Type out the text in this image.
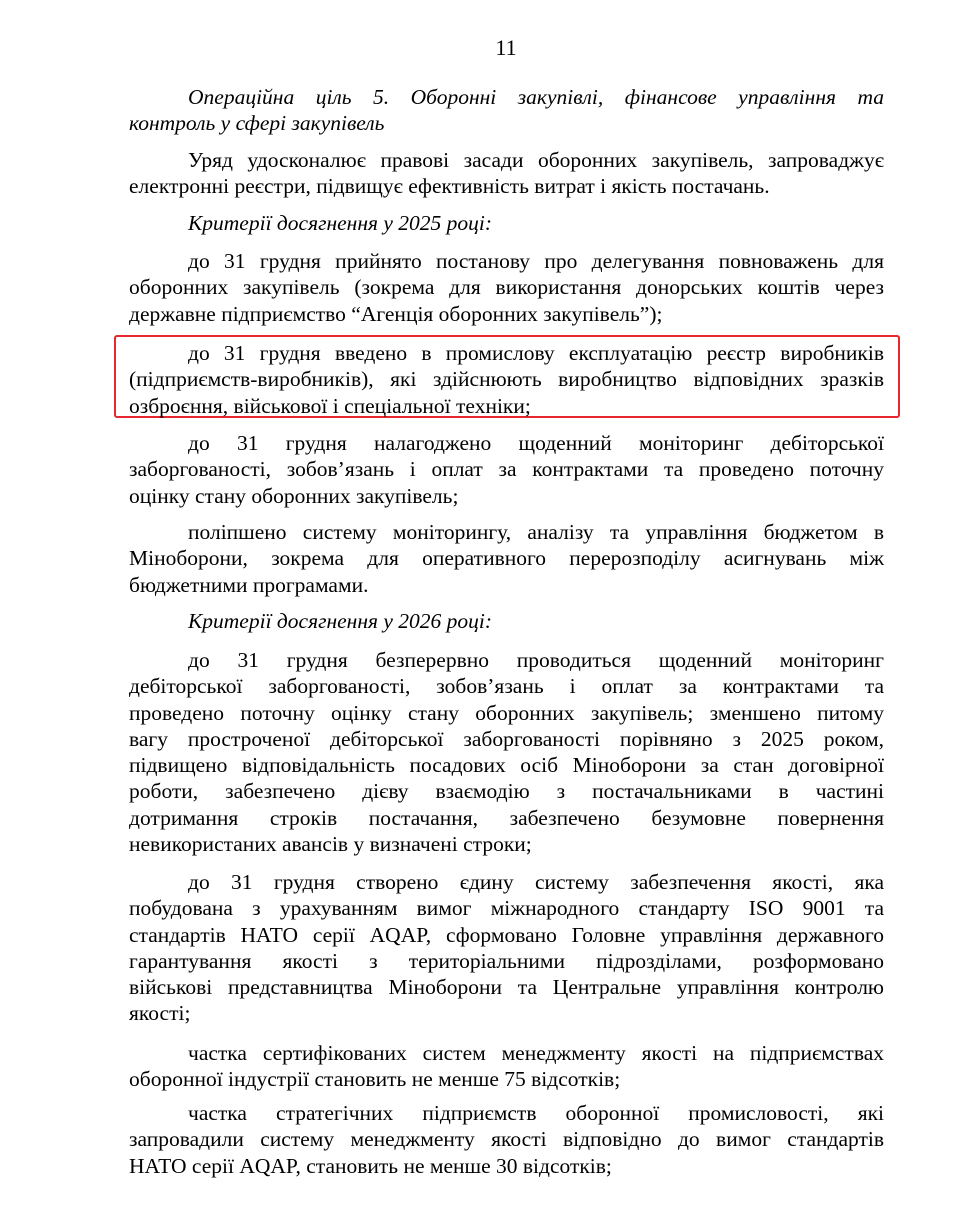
11
Операційна ціль 5. Оборонні закупівлі, фінансове управління та
контроль у сфері закупівель
Уряд удосконалює правові засади оборонних закупівель, запроваджує
електронні реєстри, підвищує ефективність витрат і якість постачань.
Критерії досягнення у 2025 році:
до 31 грудня прийнято постанову про делегування повноважень для
оборонних закупівель (зокрема для використання донорських коштів через
державне підприємство “Агенція оборонних закупівель”);
до 31 грудня введено в промислову експлуатацію реєстр виробників
(підприємств-виробників), які здійснюють виробництво відповідних зразків
озброєння, військової і спеціальної техніки;
до 31 грудня налагоджено щоденний моніторинг дебіторської
заборгованості, зобов’язань і оплат за контрактами та проведено поточну
оцінку стану оборонних закупівель;
поліпшено систему моніторингу, аналізу та управління бюджетом в
Міноборони, зокрема для оперативного перерозподілу асигнувань між
бюджетними програмами.
Критерії досягнення у 2026 році:
до 31 грудня безперервно проводиться щоденний моніторинг
дебіторської заборгованості, зобов’язань і оплат за контрактами та
проведено поточну оцінку стану оборонних закупівель; зменшено питому
вагу простроченої дебіторської заборгованості порівняно з 2025 роком,
підвищено відповідальність посадових осіб Міноборони за стан договірної
роботи, забезпечено дієву взаємодію з постачальниками в частині
дотримання строків постачання, забезпечено безумовне повернення
невикористаних авансів у визначені строки;
до 31 грудня створено єдину систему забезпечення якості, яка
побудована з урахуванням вимог міжнародного стандарту ISO 9001 та
стандартів НАТО серії AQAP, сформовано Головне управління державного
гарантування якості з територіальними підрозділами, розформовано
військові представництва Міноборони та Центральне управління контролю
якості;
частка сертифікованих систем менеджменту якості на підприємствах
оборонної індустрії становить не менше 75 відсотків;
частка стратегічних підприємств оборонної промисловості, які
запровадили систему менеджменту якості відповідно до вимог стандартів
НАТО серії AQAP, становить не менше 30 відсотків;
